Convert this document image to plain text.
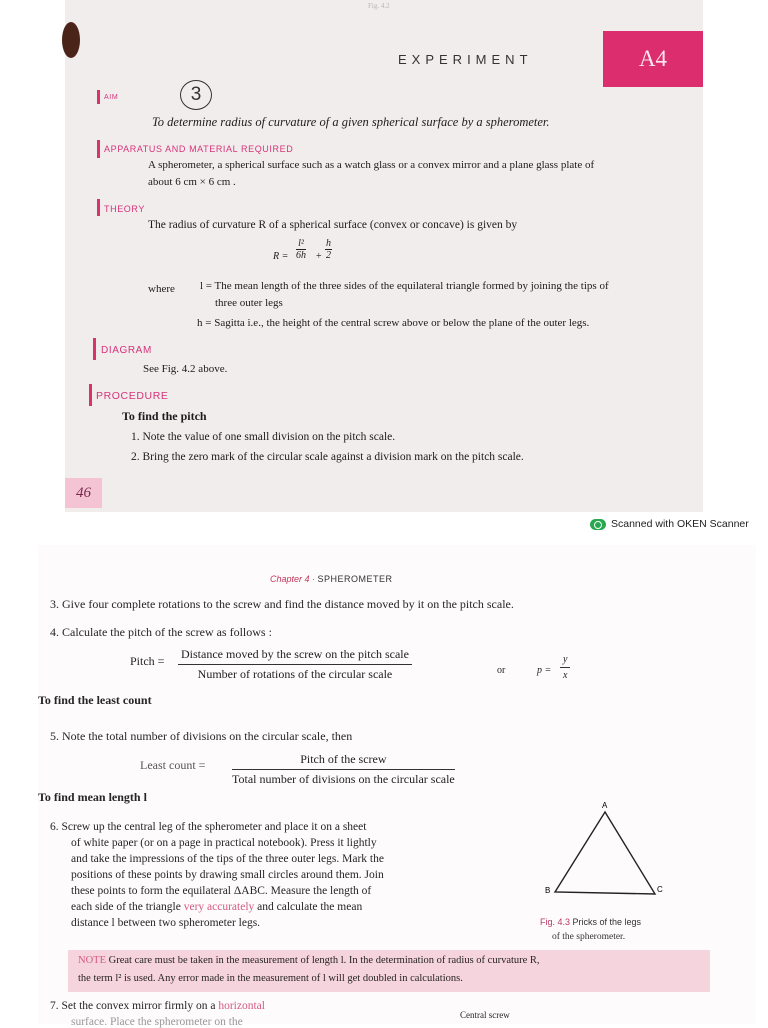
Fig. 4.2
EXPERIMENT	A4
AIM	3
To determine radius of curvature of a given spherical surface by a spherometer.
APPARATUS AND MATERIAL REQUIRED
A spherometer, a spherical surface such as a watch glass or a convex mirror and a plane glass plate of
about 6 cm × 6 cm .
THEORY
The radius of curvature R of a spherical surface (convex or concave) is given by
$R = \frac{\text{l²}}{6h} + \frac{h}{2}$
where l = The mean length of the three sides of the equilateral triangle formed by joining the tips of
three outer legs
h = Sagitta i.e., the height of the central screw above or below the plane of the outer legs.
DIAGRAM
See Fig. 4.2 above.
PROCEDURE
To find the pitch
1. Note the value of one small division on the pitch scale.
2. Bring the zero mark of the circular scale against a division mark on the pitch scale.
46
Scanned with OKEN Scanner
Chapter 4 · SPHEROMETER
3. Give four complete rotations to the screw and find the distance moved by it on the pitch scale.
4. Calculate the pitch of the screw as follows :
Pitch = Distance moved by the screw on the pitch scale
Number of rotations of the circular scale	or	$p = \frac{y}{x}$
To find the least count
5. Note the total number of divisions on the circular scale, then
Least count =	Pitch of the screw
Total number of divisions on the circular scale
To find mean length l
6. Screw up the central leg of the spherometer and place it on a sheet
of white paper (or on a page in practical notebook). Press it lightly
and take the impressions of the tips of the three outer legs. Mark the
positions of these points by drawing small circles around them. Join
these points to form the equilateral ΔABC. Measure the length of
each side of the triangle very accurately and calculate the mean
distance l between two spherometer legs.
A
B	C
Fig. 4.3 Pricks of the legs
of the spherometer.
NOTE Great care must be taken in the measurement of length l. In the determination of radius of curvature R,
the term l² is used. Any error made in the measurement of l will get doubled in calculations.
7. Set the convex mirror firmly on a horizontal
surface. Place the spherometer on the
Central screw
